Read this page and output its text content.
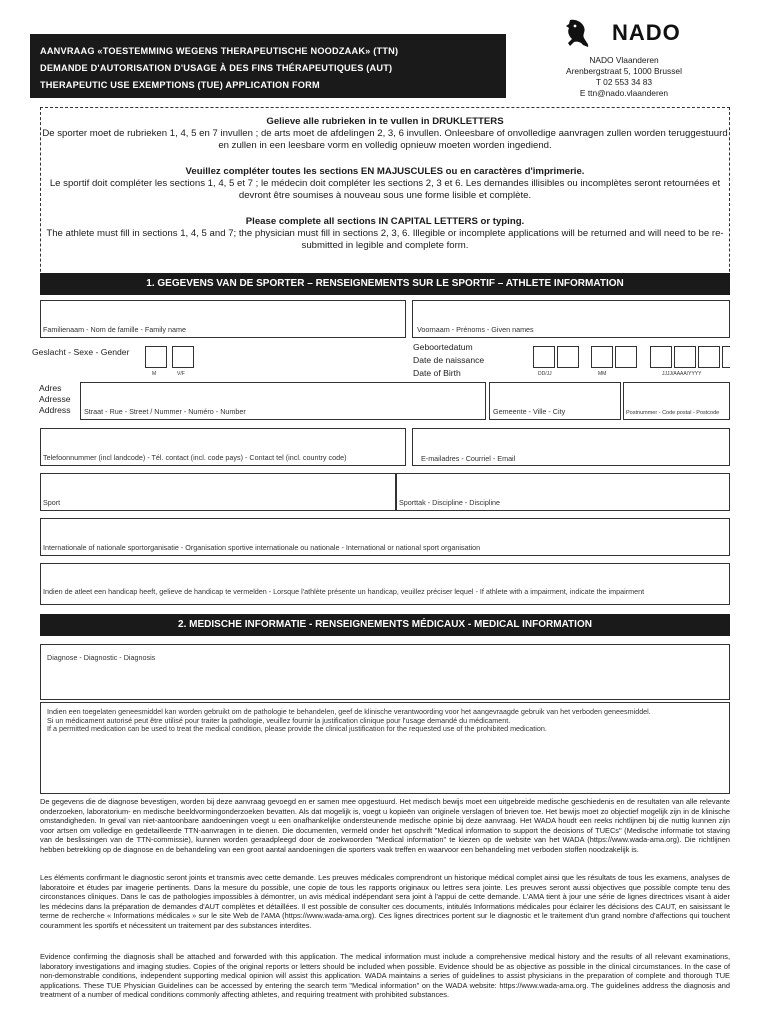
AANVRAAG «TOESTEMMING WEGENS THERAPEUTISCHE NOODZAAK» (TTN)
DEMANDE D'AUTORISATION D'USAGE À DES FINS THÉRAPEUTIQUES (AUT)
THERAPEUTIC USE EXEMPTIONS (TUE) APPLICATION FORM
NADO
NADO Vlaanderen
Arenbergstraat 5, 1000 Brussel
T 02 553 34 83
E ttn@nado.vlaanderen

Gelieve alle rubrieken in te vullen in DRUKLETTERS

De sporter moet de rubrieken 1, 4, 5 en 7 invullen ; de arts moet de afdelingen 2, 3, 6 invullen. Onleesbare of onvolledige aanvragen zullen worden teruggestuurd en zullen in een leesbare vorm en volledig opnieuw moeten worden ingediend.

Veuillez compléter toutes les sections EN MAJUSCULES ou en caractères d'imprimerie.

Le sportif doit compléter les sections 1, 4, 5 et 7 ; le médecin doit compléter les sections 2, 3 et 6. Les demandes illisibles ou incomplètes seront retournées et devront être soumises à nouveau sous une forme lisible et complète.

Please complete all sections IN CAPITAL LETTERS or typing.

The athlete must fill in sections 1, 4, 5 and 7; the physician must fill in sections 2, 3, 6. Illegible or incomplete applications will be returned and will need to be re-submitted in legible and complete form.

1. GEGEVENS VAN DE SPORTER – RENSEIGNEMENTS SUR LE SPORTIF – ATHLETE INFORMATION
Familienaam - Nom de famille - Family name	Voornaam - Prénoms - Given names
Geslacht - Sexe - Gender
M	V/F
Geboortedatum
Date de naissance
Date of Birth	DD/JJ	MM	JJJJ/AAAA/YYYY
Adres
Adresse
Address Straat - Rue - Street / Nummer - Numéro - Number	Gemeente - Ville - City	Postnummer - Code postal - Postcode
Telefoonnummer (incl landcode) - Tél. contact (incl. code pays) - Contact tel (incl. country code)	E-mailadres - Courriel - Email
Sport	Sporttak - Discipline - Discipline
Internationale of nationale sportorganisatie - Organisation sportive internationale ou nationale - International or national sport organisation
Indien de atleet een handicap heeft, gelieve de handicap te vermelden - Lorsque l'athlète présente un handicap, veuillez préciser lequel - If athlete with a impairment, indicate the impairment
2. MEDISCHE INFORMATIE - RENSEIGNEMENTS MÉDICAUX - MEDICAL INFORMATION
Diagnose - Diagnostic - Diagnosis
Indien een toegelaten geneesmiddel kan worden gebruikt om de pathologie te behandelen, geef de klinische verantwoording voor het aangevraagde gebruik van het verboden geneesmiddel.
Si un médicament autorisé peut être utilisé pour traiter la pathologie, veuillez fournir la justification clinique pour l'usage demandé du médicament.
If a permitted medication can be used to treat the medical condition, please provide the clinical justification for the requested use of the prohibited medication.
De gegevens die de diagnose bevestigen, worden bij deze aanvraag gevoegd en er samen mee opgestuurd. Het medisch bewijs moet een uitgebreide medische geschiedenis en de resultaten van alle relevante onderzoeken, laboratorium- en medische beeldvormingonderzoeken bevatten. Als dat mogelijk is, voegt u kopieën van originele verslagen of brieven toe. Het bewijs moet zo objectief mogelijk zijn in de klinische omstandigheden. In geval van niet-aantoonbare aandoeningen voegt u een onafhankelijke ondersteunende medische opinie bij deze aanvraag. Het WADA houdt een reeks richtlijnen bij die nuttig kunnen zijn voor artsen om volledige en gedetailleerde TTN-aanvragen in te dienen. Die documenten, vermeld onder het opschrift "Medical information to support the decisions of TUECs" (Medische informatie tot staving van de beslissingen van de TTN-commissie), kunnen worden geraadpleegd door de zoekwoorden "Medical information" te kiezen op de website van het WADA (https://www.wada-ama.org). Die richtlijnen hebben betrekking op de diagnose en de behandeling van een groot aantal aandoeningen die sporters vaak treffen en waarvoor een behandeling met verboden stoffen noodzakelijk is.
Les éléments confirmant le diagnostic seront joints et transmis avec cette demande. Les preuves médicales comprendront un historique médical complet ainsi que les résultats de tous les examens, analyses de laboratoire et études par imagerie pertinents. Dans la mesure du possible, une copie de tous les rapports originaux ou lettres sera jointe. Les preuves seront aussi objectives que possible compte tenu des circonstances cliniques. Dans le cas de pathologies impossibles à démontrer, un avis médical indépendant sera joint à l'appui de cette demande. L'AMA tient à jour une série de lignes directrices visant à aider les médecins dans la préparation de demandes d'AUT complètes et détaillées. Il est possible de consulter ces documents, intitulés Informations médicales pour éclairer les décisions des CAUT, en saisissant le terme de recherche « Informations médicales » sur le site Web de l'AMA (https://www.wada-ama.org). Ces lignes directrices portent sur le diagnostic et le traitement d'un grand nombre d'affections qui touchent couramment les sportifs et nécessitent un traitement par des substances interdites.
Evidence confirming the diagnosis shall be attached and forwarded with this application. The medical information must include a comprehensive medical history and the results of all relevant examinations, laboratory investigations and imaging studies. Copies of the original reports or letters should be included when possible. Evidence should be as objective as possible in the clinical circumstances. In the case of non-demonstrable conditions, independent supporting medical opinion will assist this application. WADA maintains a series of guidelines to assist physicians in the preparation of complete and thorough TUE applications. These TUE Physician Guidelines can be accessed by entering the search term "Medical information" on the WADA website: https://www.wada-ama.org. The guidelines address the diagnosis and treatment of a number of medical conditions commonly affecting athletes, and requiring treatment with prohibited substances.
